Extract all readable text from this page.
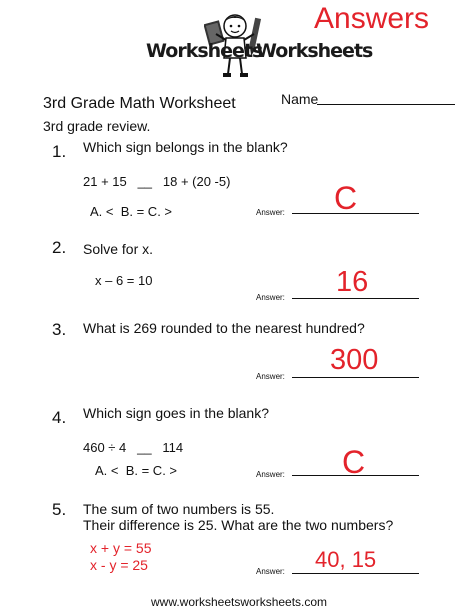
Answers
Worksheets
Worksheets
3rd Grade Math Worksheet	Name
3rd grade review.
1. Which sign belongs in the blank?
21 + 15   __   18 + (20 -5)
A. <  B. = C. >	Answer: C
2. Solve for x.
x – 6 = 10
Answer: 16
3. What is 269 rounded to the nearest hundred?
Answer:
300
4. Which sign goes in the blank?
460 ÷ 4   __   114
A. <  B. = C. >	Answer: C
5. The sum of two numbers is 55.
Their difference is 25. What are the two numbers?
x + y = 55
x - y = 25	Answer: 40, 15
www.worksheetsworksheets.com
